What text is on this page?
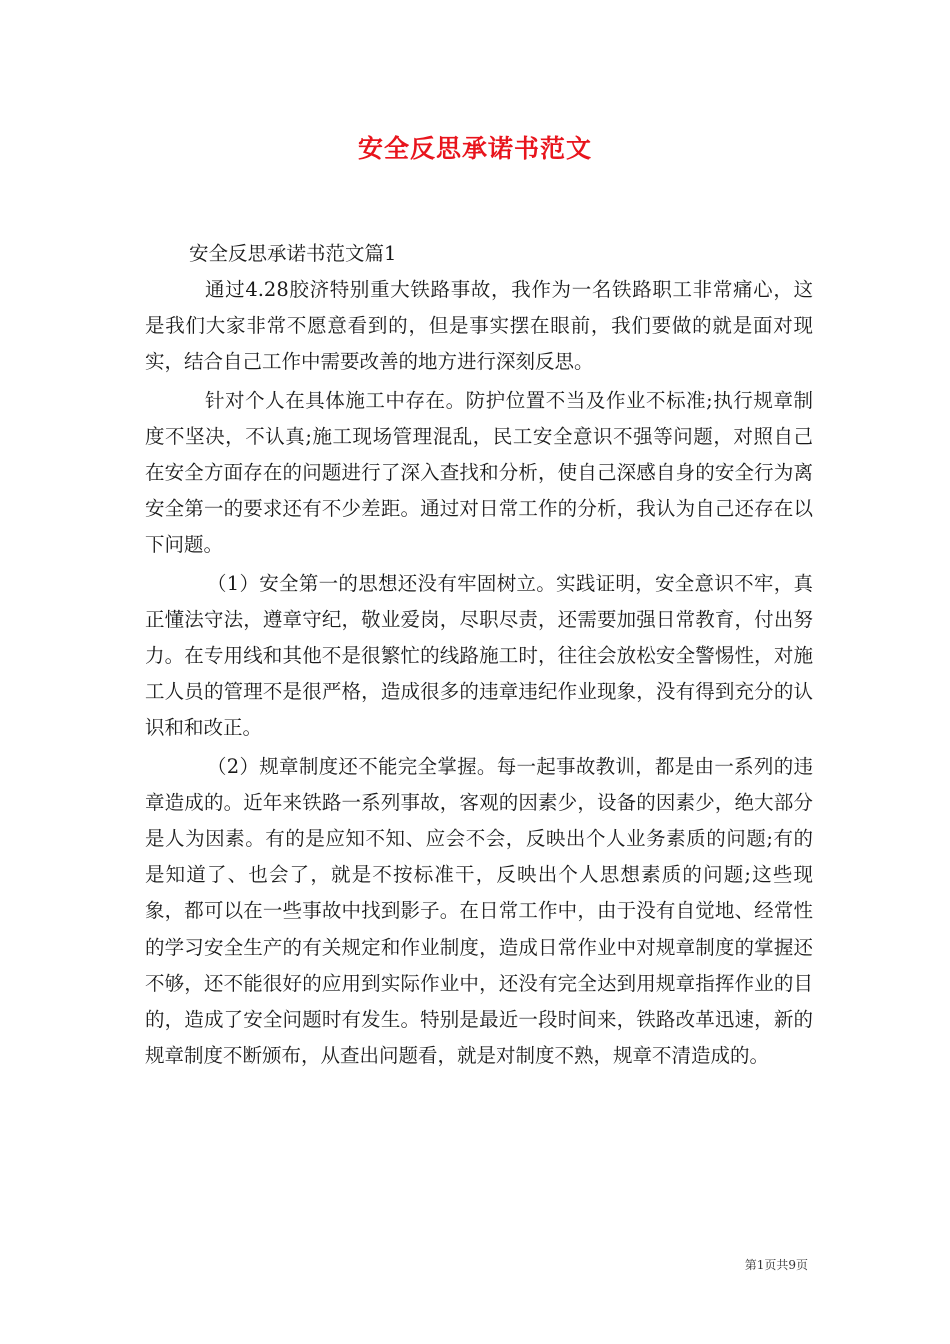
安全反思承诺书范文

安全反思承诺书范文篇1

通过4.28胶济特别重大铁路事故，我作为一名铁路职工非常痛心，这是我们大家非常不愿意看到的，但是事实摆在眼前，我们要做的就是面对现实，结合自己工作中需要改善的地方进行深刻反思。

针对个人在具体施工中存在。防护位置不当及作业不标准;执行规章制度不坚决，不认真;施工现场管理混乱，民工安全意识不强等问题，对照自己在安全方面存在的问题进行了深入查找和分析，使自己深感自身的安全行为离安全第一的要求还有不少差距。通过对日常工作的分析，我认为自己还存在以下问题。

（1）安全第一的思想还没有牢固树立。实践证明，安全意识不牢，真正懂法守法，遵章守纪，敬业爱岗，尽职尽责，还需要加强日常教育，付出努力。在专用线和其他不是很繁忙的线路施工时，往往会放松安全警惕性，对施工人员的管理不是很严格，造成很多的违章违纪作业现象，没有得到充分的认识和和改正。

（2）规章制度还不能完全掌握。每一起事故教训，都是由一系列的违章造成的。近年来铁路一系列事故，客观的因素少，设备的因素少，绝大部分是人为因素。有的是应知不知、应会不会，反映出个人业务素质的问题;有的是知道了、也会了，就是不按标准干，反映出个人思想素质的问题;这些现象，都可以在一些事故中找到影子。在日常工作中，由于没有自觉地、经常性的学习安全生产的有关规定和作业制度，造成日常作业中对规章制度的掌握还不够，还不能很好的应用到实际作业中，还没有完全达到用规章指挥作业的目的，造成了安全问题时有发生。特别是最近一段时间来，铁路改革迅速，新的规章制度不断颁布，从查出问题看，就是对制度不熟，规章不清造成的。

第1页共9页
